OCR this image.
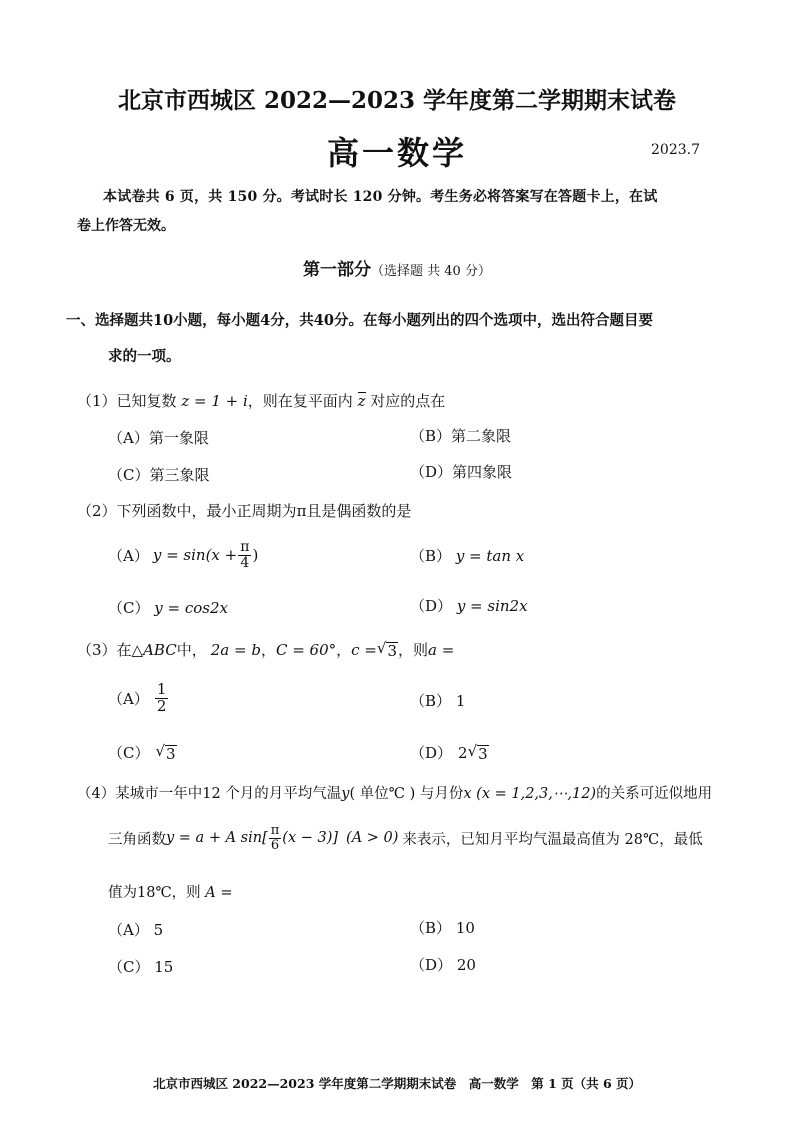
北京市西城区 2022—2023 学年度第二学期期末试卷
高一数学	2023.7
本试卷共 6 页，共 150 分。考试时长 120 分钟。考生务必将答案写在答题卡上，在试
卷上作答无效。
第一部分（选择题 共 40 分）
一、选择题共10小题，每小题4分，共40分。在每小题列出的四个选项中，选出符合题目要
求的一项。
（1）已知复数 z = 1 + i，则在复平面内 z 对应的点在
（A）第一象限	（B）第二象限
（C）第三象限	（D）第四象限
（2）下列函数中，最小正周期为π且是偶函数的是
（A） $y = \sin(x + \frac{\pi}{4}$ )	（B） y = tan x
（C） y = cos2x	（D） y = sin2x
（3） 在△ ABC 中， 2a = b ， C = 60° ， c = √ 3 ，则 a =
$(A) \frac{1}{2}$	（B） 1
（C） √ 3	（D） 2 √ 3
（4）某城市一年中12 个月的月平均气温y( 单位℃ ) 与月份x (x = 1,2,3,⋯,12)的关系可近似地用
三角函数 y = a + A $\sin[ \frac{\pi}{6} (x - 3)]$ (A > 0) 来表示，已知月平均气温最高值为 28℃，最低
值为18℃，则 A =
（A） 5	（B） 10
（C） 15	（D） 20
北京市西城区 2022—2023 学年度第二学期期末试卷　高一数学　第 1 页（共 6 页）
